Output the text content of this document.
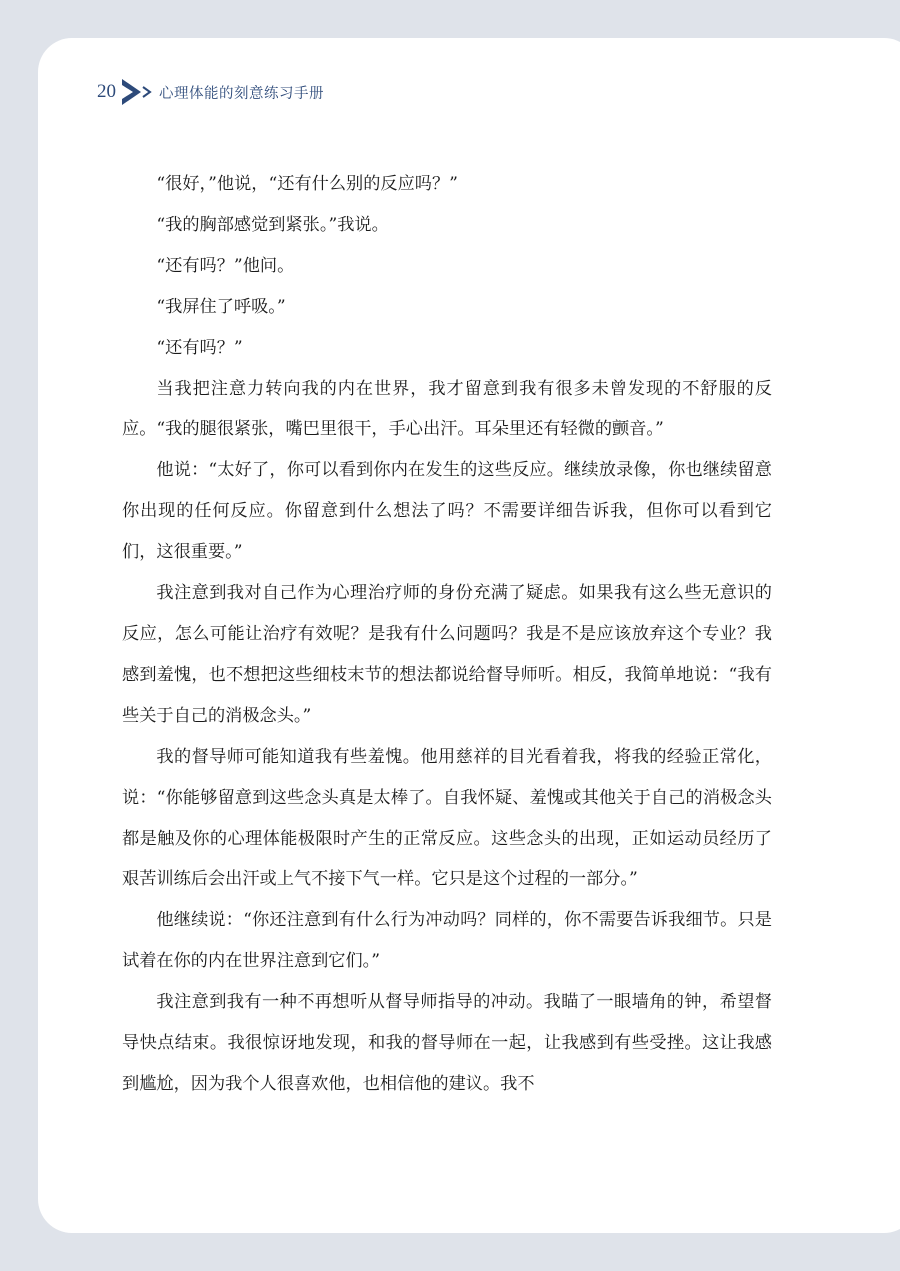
20	心理体能的刻意练习手册

“很好，”他说，“还有什么别的反应吗？”

“我的胸部感觉到紧张。”我说。

“还有吗？”他问。

“我屏住了呼吸。”

“还有吗？”

当我把注意力转向我的内在世界，我才留意到我有很多未曾发现的不舒服的反应。“我的腿很紧张，嘴巴里很干，手心出汗。耳朵里还有轻微的颤音。”

他说：“太好了，你可以看到你内在发生的这些反应。继续放录像，你也继续留意你出现的任何反应。你留意到什么想法了吗？不需要详细告诉我，但你可以看到它们，这很重要。”

我注意到我对自己作为心理治疗师的身份充满了疑虑。如果我有这么些无意识的反应，怎么可能让治疗有效呢？是我有什么问题吗？我是不是应该放弃这个专业？我感到羞愧，也不想把这些细枝末节的想法都说给督导师听。相反，我简单地说：“我有些关于自己的消极念头。”

我的督导师可能知道我有些羞愧。他用慈祥的目光看着我，将我的经验正常化，说：“你能够留意到这些念头真是太棒了。自我怀疑、羞愧或其他关于自己的消极念头都是触及你的心理体能极限时产生的正常反应。这些念头的出现，正如运动员经历了艰苦训练后会出汗或上气不接下气一样。它只是这个过程的一部分。”

他继续说：“你还注意到有什么行为冲动吗？同样的，你不需要告诉我细节。只是试着在你的内在世界注意到它们。”

我注意到我有一种不再想听从督导师指导的冲动。我瞄了一眼墙角的钟，希望督导快点结束。我很惊讶地发现，和我的督导师在一起，让我感到有些受挫。这让我感到尴尬，因为我个人很喜欢他，也相信他的建议。我不
